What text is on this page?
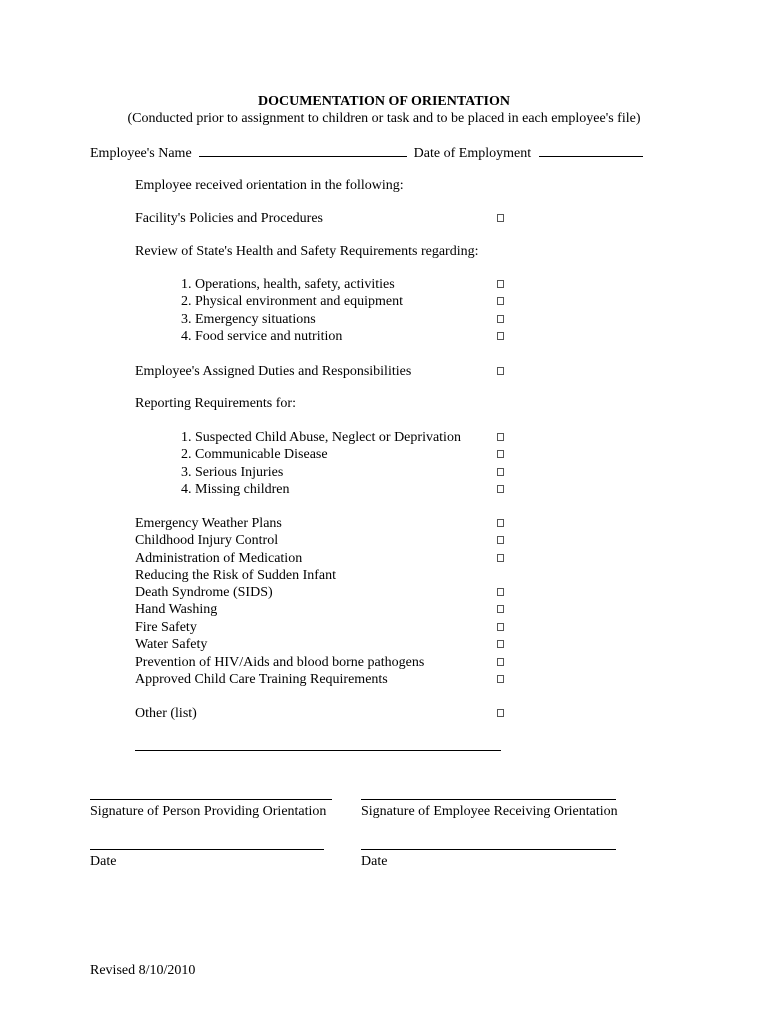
DOCUMENTATION OF ORIENTATION
(Conducted prior to assignment to children or task and to be placed in each employee's file)
Employee's Name	Date of Employment
Employee received orientation in the following:
Facility's Policies and Procedures
Review of State's Health and Safety Requirements regarding:
1. Operations, health, safety, activities
2. Physical environment and equipment
3. Emergency situations
4. Food service and nutrition
Employee's Assigned Duties and Responsibilities
Reporting Requirements for:
1. Suspected Child Abuse, Neglect or Deprivation
2. Communicable Disease
3. Serious Injuries
4. Missing children
Emergency Weather Plans
Childhood Injury Control
Administration of Medication
Reducing the Risk of Sudden Infant
Death Syndrome (SIDS)
Hand Washing
Fire Safety
Water Safety
Prevention of HIV/Aids and blood borne pathogens
Approved Child Care Training Requirements
Other (list)
Signature of Person Providing Orientation Signature of Employee Receiving Orientation
Date	Date
Revised 8/10/2010
